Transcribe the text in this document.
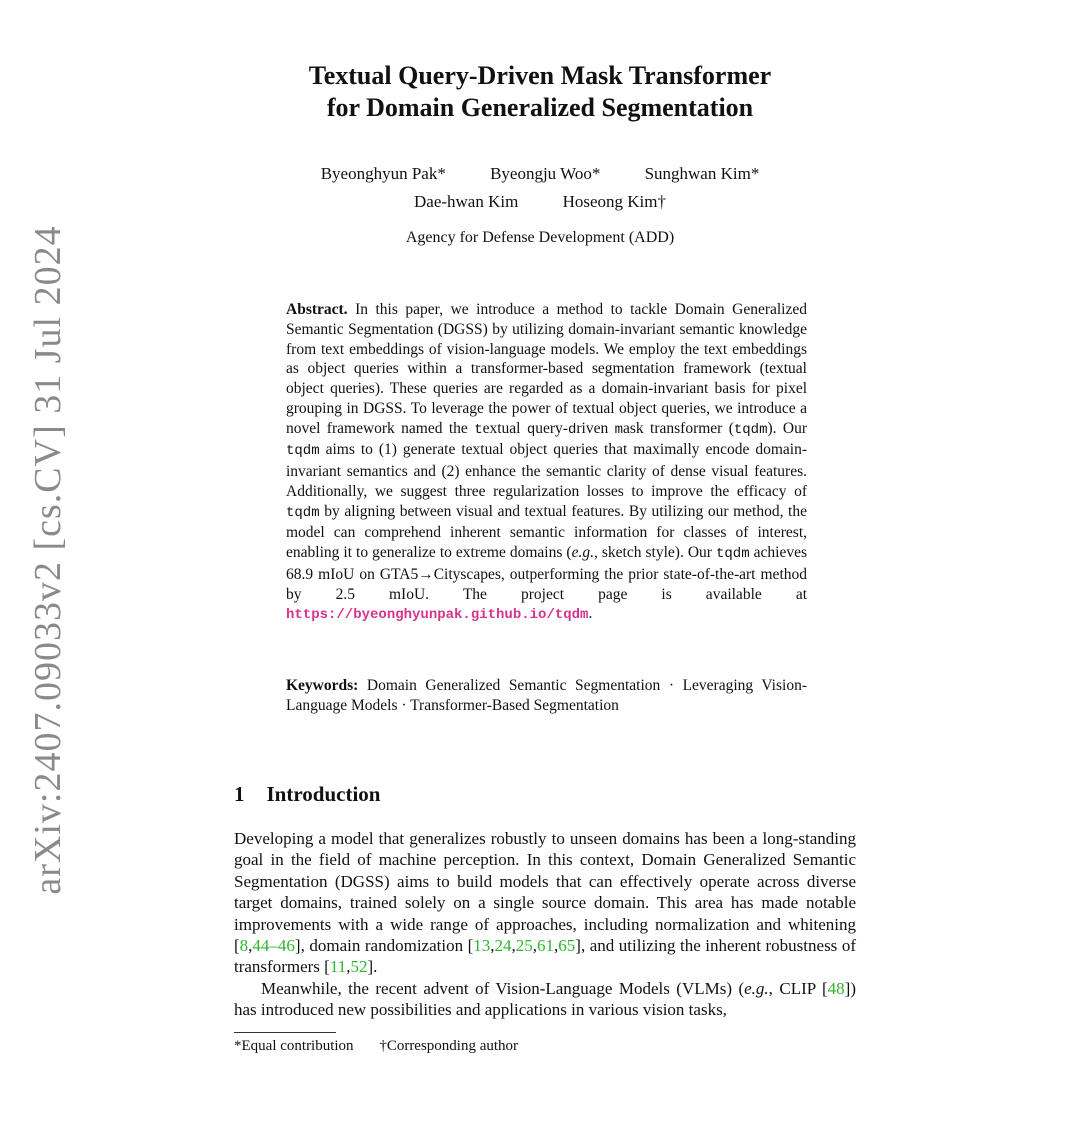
arXiv:2407.09033v2 [cs.CV] 31 Jul 2024
Textual Query-Driven Mask Transformer
for Domain Generalized Segmentation
Byeonghyun Pak*	Byeongju Woo*	Sunghwan Kim*
Dae-hwan Kim	Hoseong Kim†
Agency for Defense Development (ADD)
Abstract. In this paper, we introduce a method to tackle Domain Generalized Semantic Segmentation (DGSS) by utilizing domain-invariant semantic knowledge from text embeddings of vision-language models. We employ the text embeddings as object queries within a transformer-based segmentation framework (textual object queries). These queries are regarded as a domain-invariant basis for pixel grouping in DGSS. To leverage the power of textual object queries, we introduce a novel framework named the textual query-driven mask transformer (tqdm). Our tqdm aims to (1) generate textual object queries that maximally encode domain-invariant semantics and (2) enhance the semantic clarity of dense visual features. Additionally, we suggest three regularization losses to improve the efficacy of tqdm by aligning between visual and textual features. By utilizing our method, the model can comprehend inherent semantic information for classes of interest, enabling it to generalize to extreme domains (e.g., sketch style). Our tqdm achieves 68.9 mIoU on GTA5→Cityscapes, outperforming the prior state-of-the-art method by 2.5 mIoU. The project page is available at https://byeonghyunpak.github.io/tqdm.
Keywords: Domain Generalized Semantic Segmentation · Leveraging Vision-Language Models · Transformer-Based Segmentation
1 Introduction

Developing a model that generalizes robustly to unseen domains has been a long-standing goal in the field of machine perception. In this context, Domain Generalized Semantic Segmentation (DGSS) aims to build models that can effectively operate across diverse target domains, trained solely on a single source domain. This area has made notable improvements with a wide range of approaches, including normalization and whitening [8,44–46], domain randomization [13,24,25,61,65], and utilizing the inherent robustness of transformers [11,52].

Meanwhile, the recent advent of Vision-Language Models (VLMs) (e.g., CLIP [48]) has introduced new possibilities and applications in various vision tasks,

*Equal contribution †Corresponding author
